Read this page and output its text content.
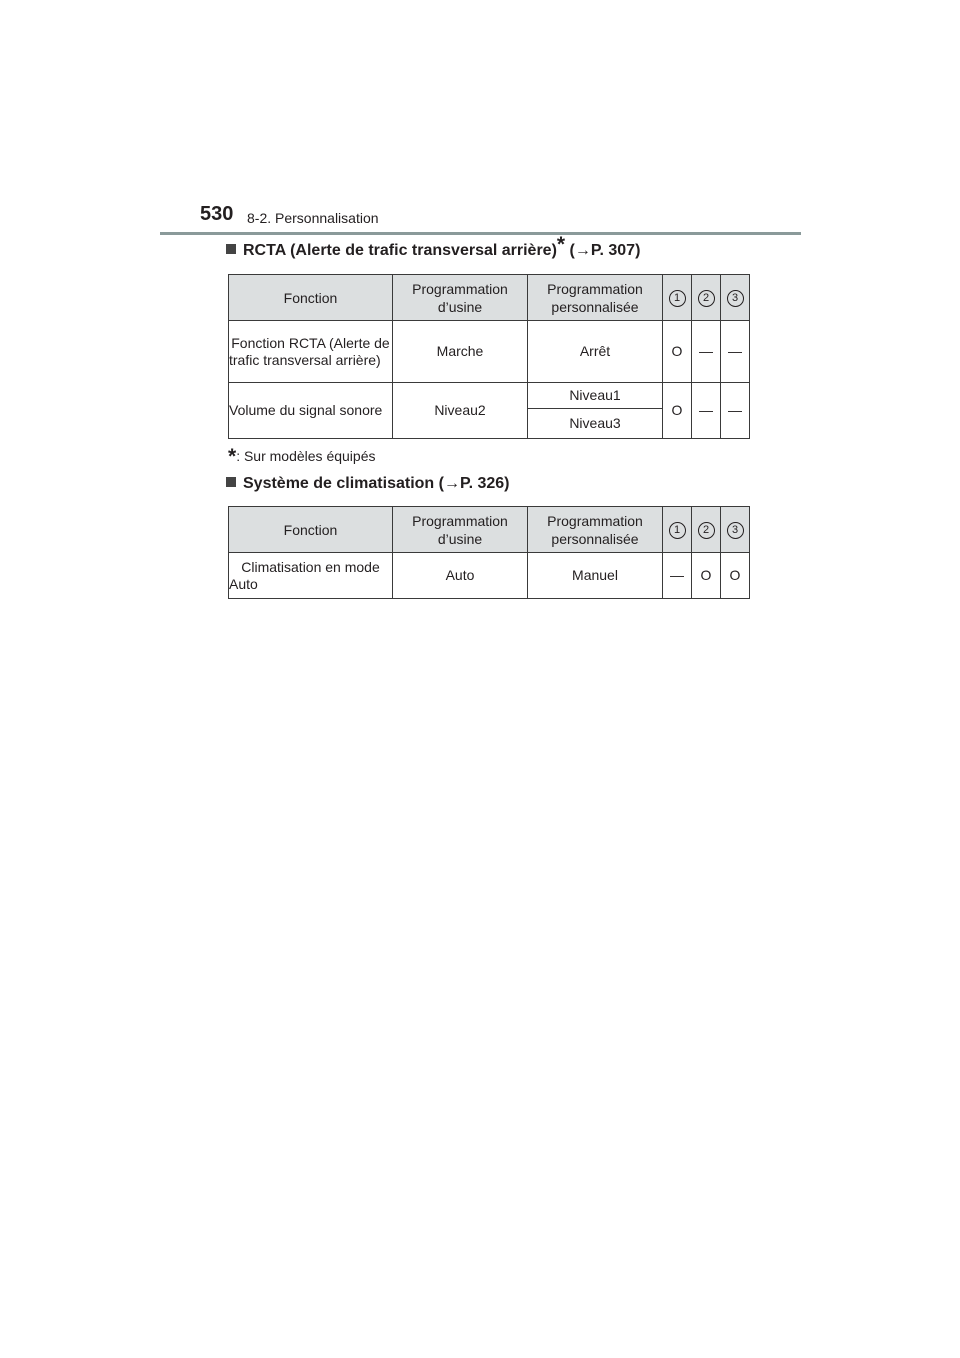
530 8-2. Personnalisation
RCTA (Alerte de trafic transversal arrière)* (→P. 307)
Fonction	Programmation d’usine	Programmation personnalisée	1	2	3
Fonction RCTA (Alerte de trafic transversal arrière)	Marche	Arrêt	O	—	—
Volume du signal sonore	Niveau2	Niveau1	O	—	—
		Niveau3			
*: Sur modèles équipés
Système de climatisation (→P. 326)
Fonction	Programmation d’usine	Programmation personnalisée	1	2	3
Climatisation en mode Auto	Auto	Manuel	—	O	O
